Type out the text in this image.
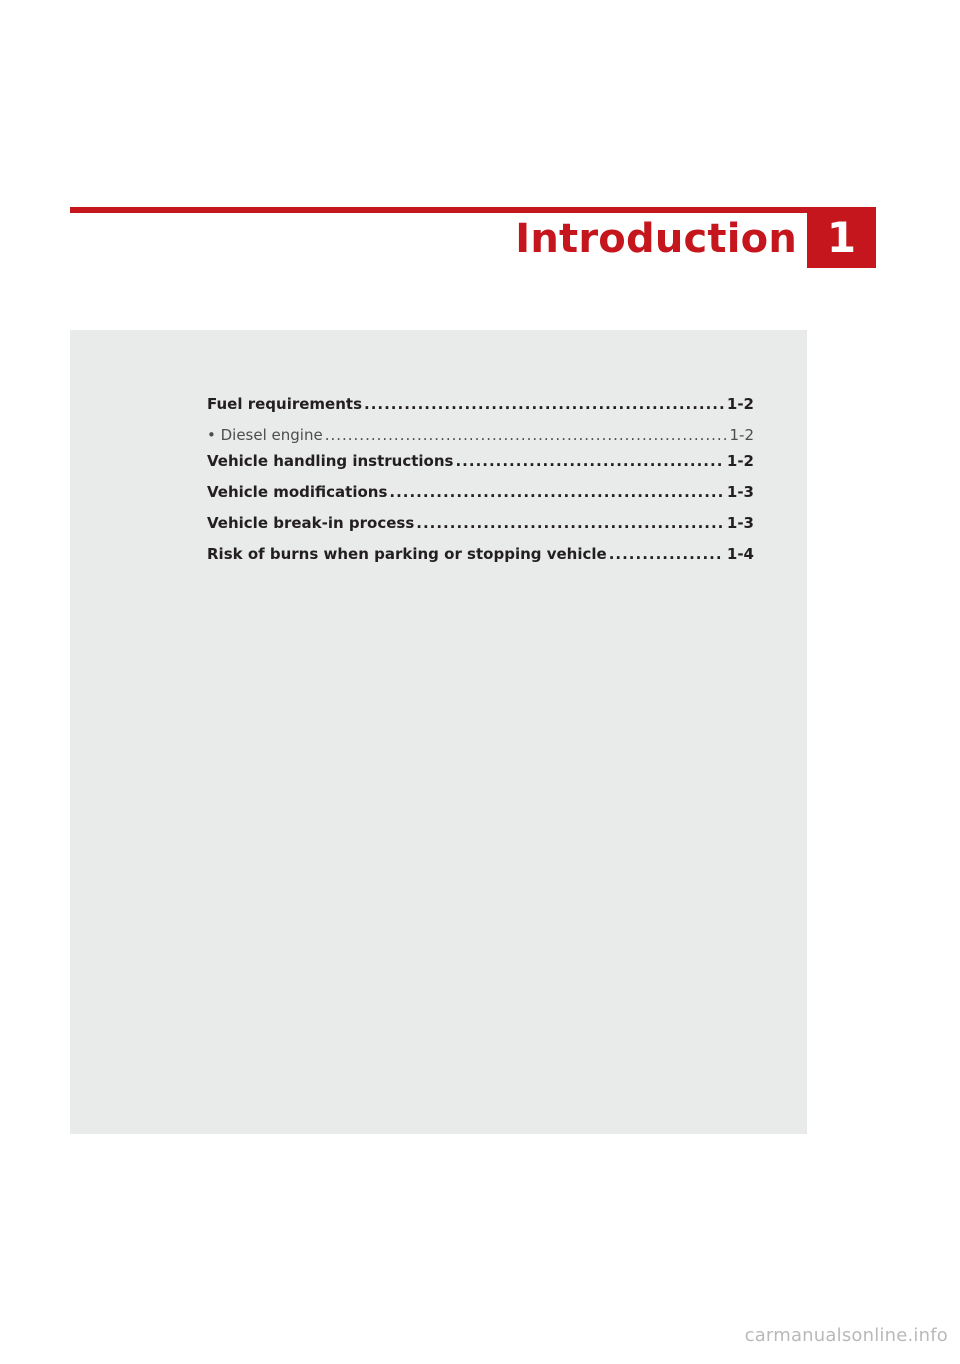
Introduction 1
Fuel requirements .....	1-2
• Diesel engine .....	1-2
Vehicle handling instructions .....	1-2
Vehicle modifications .....	1-3
Vehicle break-in process .....	1-3
Risk of burns when parking or stopping vehicle .....	1-4
carmanualsonline.info
